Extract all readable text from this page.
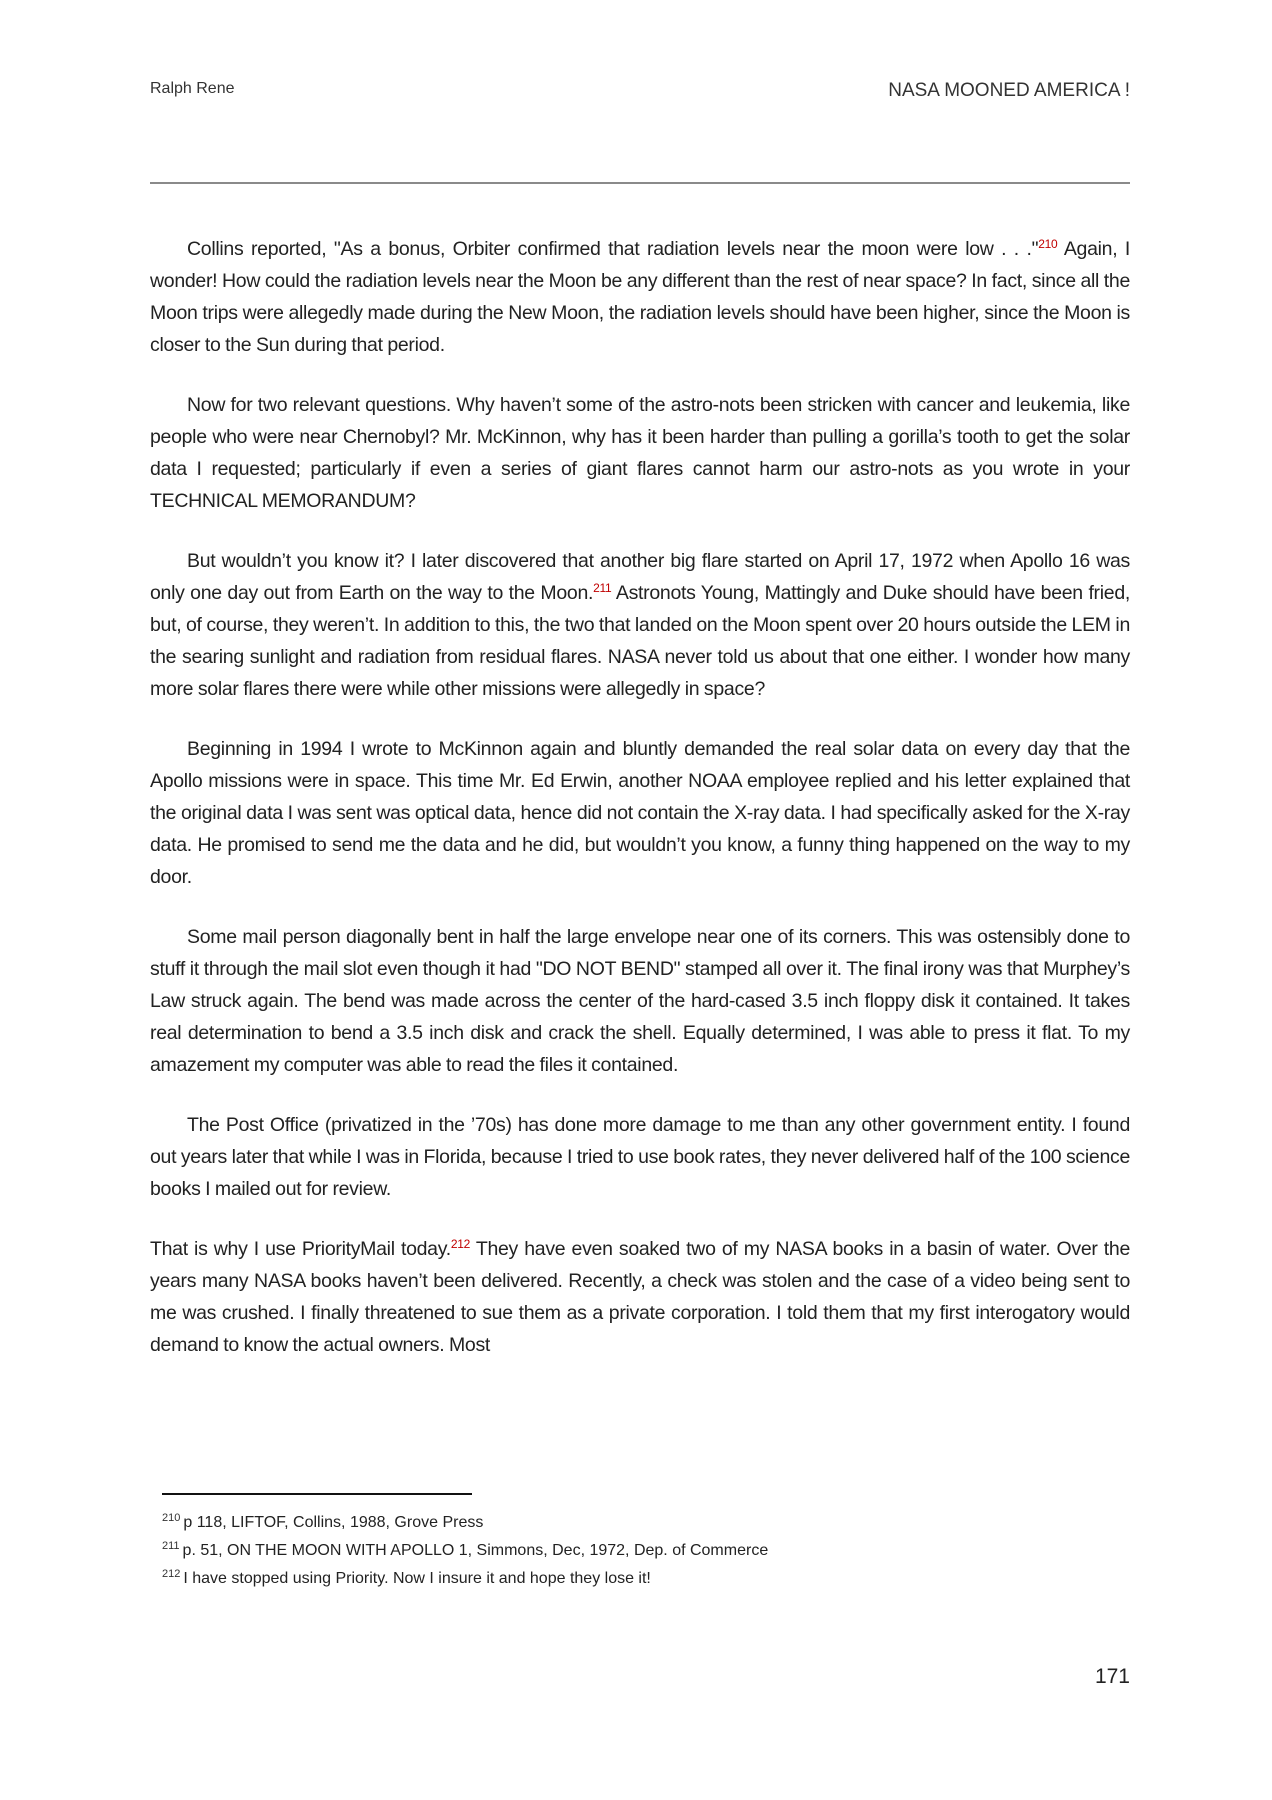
Ralph Rene	NASA MOONED AMERICA !

Collins reported, "As a bonus, Orbiter confirmed that radiation levels near the moon were low . . ."$^{210}$ Again, I wonder! How could the radiation levels near the Moon be any different than the rest of near space? In fact, since all the Moon trips were allegedly made during the New Moon, the radiation levels should have been higher, since the Moon is closer to the Sun during that period.

Now for two relevant questions. Why haven’t some of the astro-nots been stricken with cancer and leukemia, like people who were near Chernobyl? Mr. McKinnon, why has it been harder than pulling a gorilla’s tooth to get the solar data I requested; particularly if even a series of giant flares cannot harm our astro-nots as you wrote in your TECHNICAL MEMORANDUM?

But wouldn’t you know it? I later discovered that another big flare started on April 17, 1972 when Apollo 16 was only one day out from Earth on the way to the Moon.$^{211}$ Astronots Young, Mattingly and Duke should have been fried, but, of course, they weren’t. In addition to this, the two that landed on the Moon spent over 20 hours outside the LEM in the searing sunlight and radiation from residual flares. NASA never told us about that one either. I wonder how many more solar flares there were while other missions were allegedly in space?

Beginning in 1994 I wrote to McKinnon again and bluntly demanded the real solar data on every day that the Apollo missions were in space. This time Mr. Ed Erwin, another NOAA employee replied and his letter explained that the original data I was sent was optical data, hence did not contain the X-ray data. I had specifically asked for the X-ray data. He promised to send me the data and he did, but wouldn’t you know, a funny thing happened on the way to my door.

Some mail person diagonally bent in half the large envelope near one of its corners. This was ostensibly done to stuff it through the mail slot even though it had "DO NOT BEND" stamped all over it. The final irony was that Murphey’s Law struck again. The bend was made across the center of the hard-cased 3.5 inch floppy disk it contained. It takes real determination to bend a 3.5 inch disk and crack the shell. Equally determined, I was able to press it flat. To my amazement my computer was able to read the files it contained.

The Post Office (privatized in the ’70s) has done more damage to me than any other government entity. I found out years later that while I was in Florida, because I tried to use book rates, they never delivered half of the 100 science books I mailed out for review.

That is why I use PriorityMail today.$^{212}$ They have even soaked two of my NASA books in a basin of water. Over the years many NASA books haven’t been delivered. Recently, a check was stolen and the case of a video being sent to me was crushed. I finally threatened to sue them as a private corporation. I told them that my first interogatory would demand to know the actual owners. Most

$^{210}$ p 118, LIFTOF, Collins, 1988, Grove Press
$^{211}$ p. 51, ON THE MOON WITH APOLLO 1, Simmons, Dec, 1972, Dep. of Commerce
$^{212}$ I have stopped using Priority. Now I insure it and hope they lose it!
171
